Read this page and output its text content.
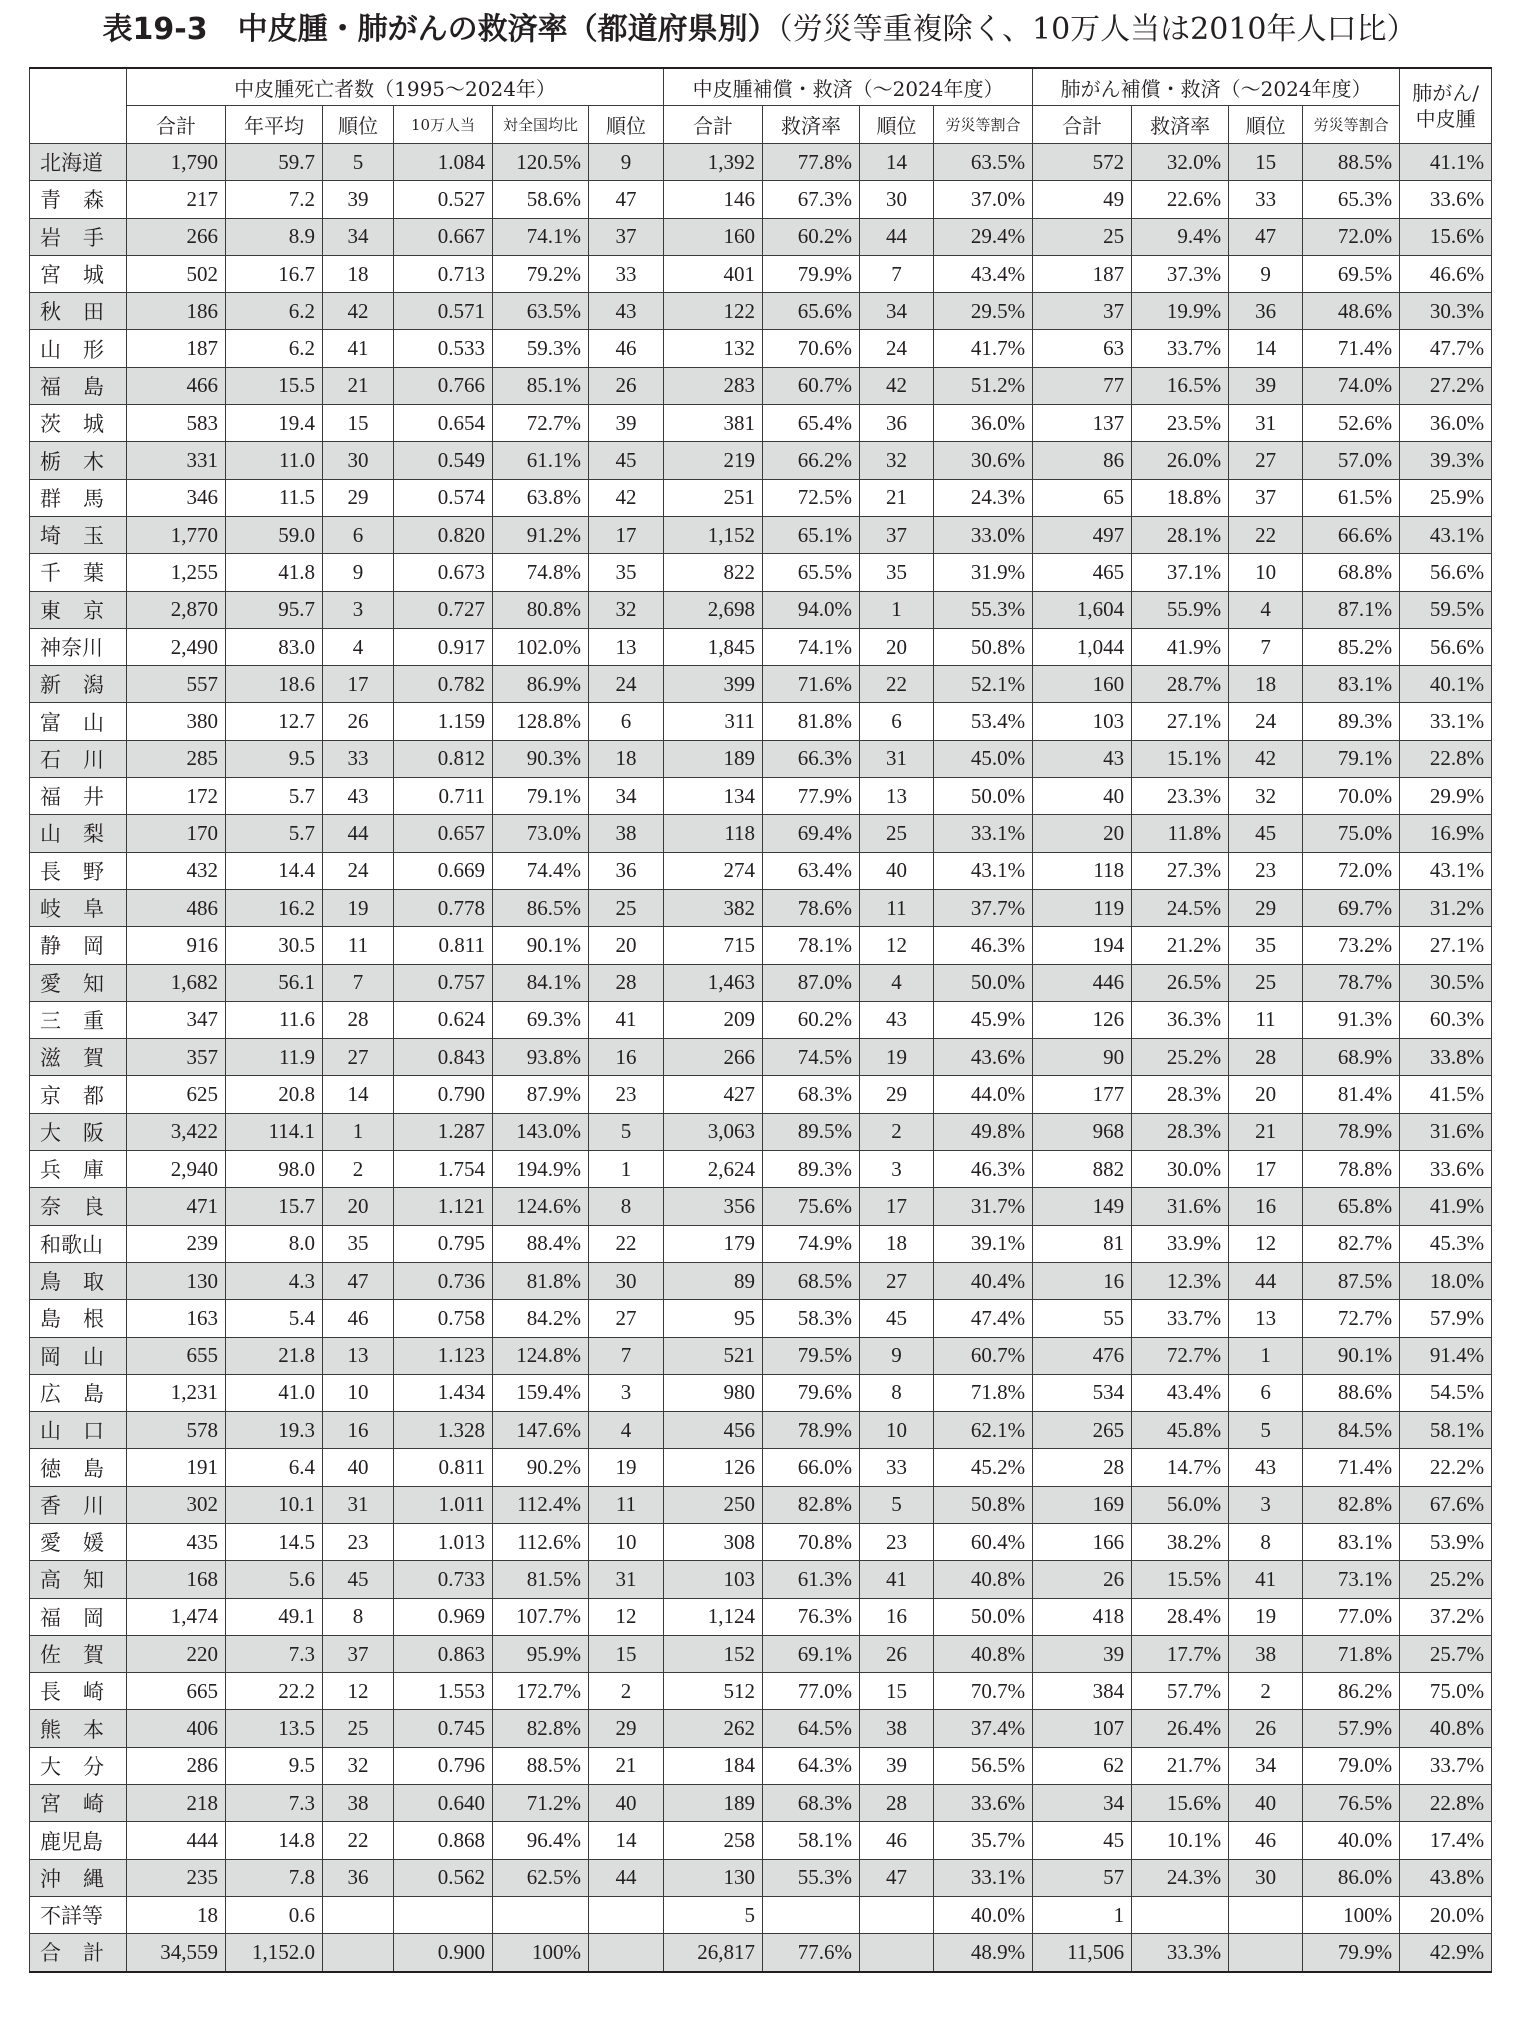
表19-3　中皮腫・肺がんの救済率（都道府県別）（労災等重複除く、10万人当は2010年人口比）
	中皮腫死亡者数（1995～2024年）						中皮腫補償・救済（～2024年度）				肺がん補償・救済（～2024年度）				肺がん/中皮腫
	合計	年平均	順位	10万人当	対全国均比	順位	合計	救済率	順位	労災等割合	合計	救済率	順位	労災等割合	
北海道	1,790	59.7	5	1.084	120.5%	9	1,392	77.8%	14	63.5%	572	32.0%	15	88.5%	41.1%
青森	217	7.2	39	0.527	58.6%	47	146	67.3%	30	37.0%	49	22.6%	33	65.3%	33.6%
岩手	266	8.9	34	0.667	74.1%	37	160	60.2%	44	29.4%	25	9.4%	47	72.0%	15.6%
宮城	502	16.7	18	0.713	79.2%	33	401	79.9%	7	43.4%	187	37.3%	9	69.5%	46.6%
秋田	186	6.2	42	0.571	63.5%	43	122	65.6%	34	29.5%	37	19.9%	36	48.6%	30.3%
山形	187	6.2	41	0.533	59.3%	46	132	70.6%	24	41.7%	63	33.7%	14	71.4%	47.7%
福島	466	15.5	21	0.766	85.1%	26	283	60.7%	42	51.2%	77	16.5%	39	74.0%	27.2%
茨城	583	19.4	15	0.654	72.7%	39	381	65.4%	36	36.0%	137	23.5%	31	52.6%	36.0%
栃木	331	11.0	30	0.549	61.1%	45	219	66.2%	32	30.6%	86	26.0%	27	57.0%	39.3%
群馬	346	11.5	29	0.574	63.8%	42	251	72.5%	21	24.3%	65	18.8%	37	61.5%	25.9%
埼玉	1,770	59.0	6	0.820	91.2%	17	1,152	65.1%	37	33.0%	497	28.1%	22	66.6%	43.1%
千葉	1,255	41.8	9	0.673	74.8%	35	822	65.5%	35	31.9%	465	37.1%	10	68.8%	56.6%
東京	2,870	95.7	3	0.727	80.8%	32	2,698	94.0%	1	55.3%	1,604	55.9%	4	87.1%	59.5%
神奈川	2,490	83.0	4	0.917	102.0%	13	1,845	74.1%	20	50.8%	1,044	41.9%	7	85.2%	56.6%
新潟	557	18.6	17	0.782	86.9%	24	399	71.6%	22	52.1%	160	28.7%	18	83.1%	40.1%
富山	380	12.7	26	1.159	128.8%	6	311	81.8%	6	53.4%	103	27.1%	24	89.3%	33.1%
石川	285	9.5	33	0.812	90.3%	18	189	66.3%	31	45.0%	43	15.1%	42	79.1%	22.8%
福井	172	5.7	43	0.711	79.1%	34	134	77.9%	13	50.0%	40	23.3%	32	70.0%	29.9%
山梨	170	5.7	44	0.657	73.0%	38	118	69.4%	25	33.1%	20	11.8%	45	75.0%	16.9%
長野	432	14.4	24	0.669	74.4%	36	274	63.4%	40	43.1%	118	27.3%	23	72.0%	43.1%
岐阜	486	16.2	19	0.778	86.5%	25	382	78.6%	11	37.7%	119	24.5%	29	69.7%	31.2%
静岡	916	30.5	11	0.811	90.1%	20	715	78.1%	12	46.3%	194	21.2%	35	73.2%	27.1%
愛知	1,682	56.1	7	0.757	84.1%	28	1,463	87.0%	4	50.0%	446	26.5%	25	78.7%	30.5%
三重	347	11.6	28	0.624	69.3%	41	209	60.2%	43	45.9%	126	36.3%	11	91.3%	60.3%
滋賀	357	11.9	27	0.843	93.8%	16	266	74.5%	19	43.6%	90	25.2%	28	68.9%	33.8%
京都	625	20.8	14	0.790	87.9%	23	427	68.3%	29	44.0%	177	28.3%	20	81.4%	41.5%
大阪	3,422	114.1	1	1.287	143.0%	5	3,063	89.5%	2	49.8%	968	28.3%	21	78.9%	31.6%
兵庫	2,940	98.0	2	1.754	194.9%	1	2,624	89.3%	3	46.3%	882	30.0%	17	78.8%	33.6%
奈良	471	15.7	20	1.121	124.6%	8	356	75.6%	17	31.7%	149	31.6%	16	65.8%	41.9%
和歌山	239	8.0	35	0.795	88.4%	22	179	74.9%	18	39.1%	81	33.9%	12	82.7%	45.3%
鳥取	130	4.3	47	0.736	81.8%	30	89	68.5%	27	40.4%	16	12.3%	44	87.5%	18.0%
島根	163	5.4	46	0.758	84.2%	27	95	58.3%	45	47.4%	55	33.7%	13	72.7%	57.9%
岡山	655	21.8	13	1.123	124.8%	7	521	79.5%	9	60.7%	476	72.7%	1	90.1%	91.4%
広島	1,231	41.0	10	1.434	159.4%	3	980	79.6%	8	71.8%	534	43.4%	6	88.6%	54.5%
山口	578	19.3	16	1.328	147.6%	4	456	78.9%	10	62.1%	265	45.8%	5	84.5%	58.1%
徳島	191	6.4	40	0.811	90.2%	19	126	66.0%	33	45.2%	28	14.7%	43	71.4%	22.2%
香川	302	10.1	31	1.011	112.4%	11	250	82.8%	5	50.8%	169	56.0%	3	82.8%	67.6%
愛媛	435	14.5	23	1.013	112.6%	10	308	70.8%	23	60.4%	166	38.2%	8	83.1%	53.9%
高知	168	5.6	45	0.733	81.5%	31	103	61.3%	41	40.8%	26	15.5%	41	73.1%	25.2%
福岡	1,474	49.1	8	0.969	107.7%	12	1,124	76.3%	16	50.0%	418	28.4%	19	77.0%	37.2%
佐賀	220	7.3	37	0.863	95.9%	15	152	69.1%	26	40.8%	39	17.7%	38	71.8%	25.7%
長崎	665	22.2	12	1.553	172.7%	2	512	77.0%	15	70.7%	384	57.7%	2	86.2%	75.0%
熊本	406	13.5	25	0.745	82.8%	29	262	64.5%	38	37.4%	107	26.4%	26	57.9%	40.8%
大分	286	9.5	32	0.796	88.5%	21	184	64.3%	39	56.5%	62	21.7%	34	79.0%	33.7%
宮崎	218	7.3	38	0.640	71.2%	40	189	68.3%	28	33.6%	34	15.6%	40	76.5%	22.8%
鹿児島	444	14.8	22	0.868	96.4%	14	258	58.1%	46	35.7%	45	10.1%	46	40.0%	17.4%
沖縄	235	7.8	36	0.562	62.5%	44	130	55.3%	47	33.1%	57	24.3%	30	86.0%	43.8%
不詳等	18	0.6					5			40.0%	1			100%	20.0%
合計	34,559	1,152.0		0.900	100%		26,817	77.6%		48.9%	11,506	33.3%		79.9%	42.9%
